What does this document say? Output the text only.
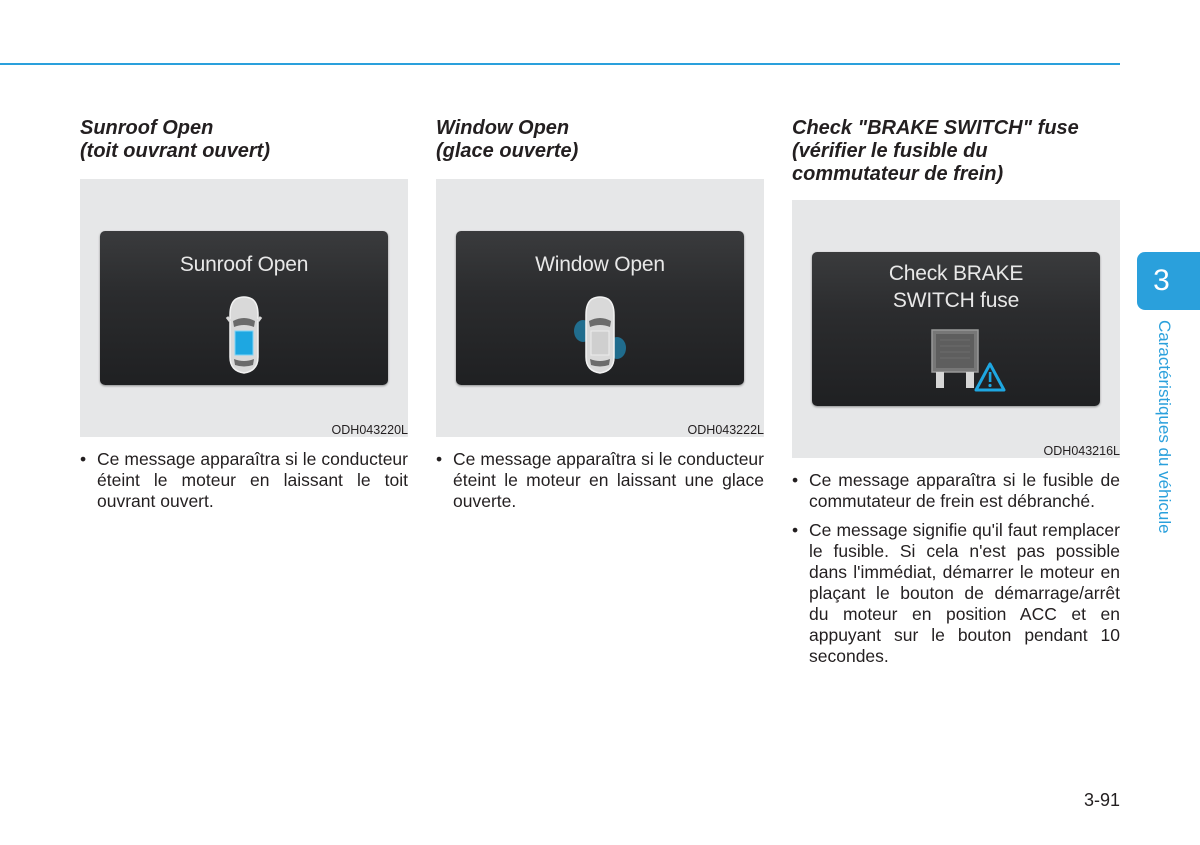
Sunroof Open
(toit ouvrant ouvert)
Sunroof Open
ODH043220L
• Ce message apparaîtra si le conducteur éteint le moteur en laissant le toit ouvrant ouvert.
Window Open
(glace ouverte)
Window Open
ODH043222L
• Ce message apparaîtra si le conducteur éteint le moteur en laissant une glace ouverte.
Check "BRAKE SWITCH" fuse
(vérifier le fusible du
commutateur de frein)
Check BRAKE
SWITCH fuse
ODH043216L
• Ce message apparaîtra si le fusible de commutateur de frein est débranché.
• Ce message signifie qu'il faut remplacer le fusible. Si cela n'est pas possible dans l'immédiat, démarrer le moteur en plaçant le bouton de démarrage/arrêt du moteur en position ACC et en appuyant sur le bouton pendant 10 secondes.
3
Caractéristiques du véhicule
3-91
